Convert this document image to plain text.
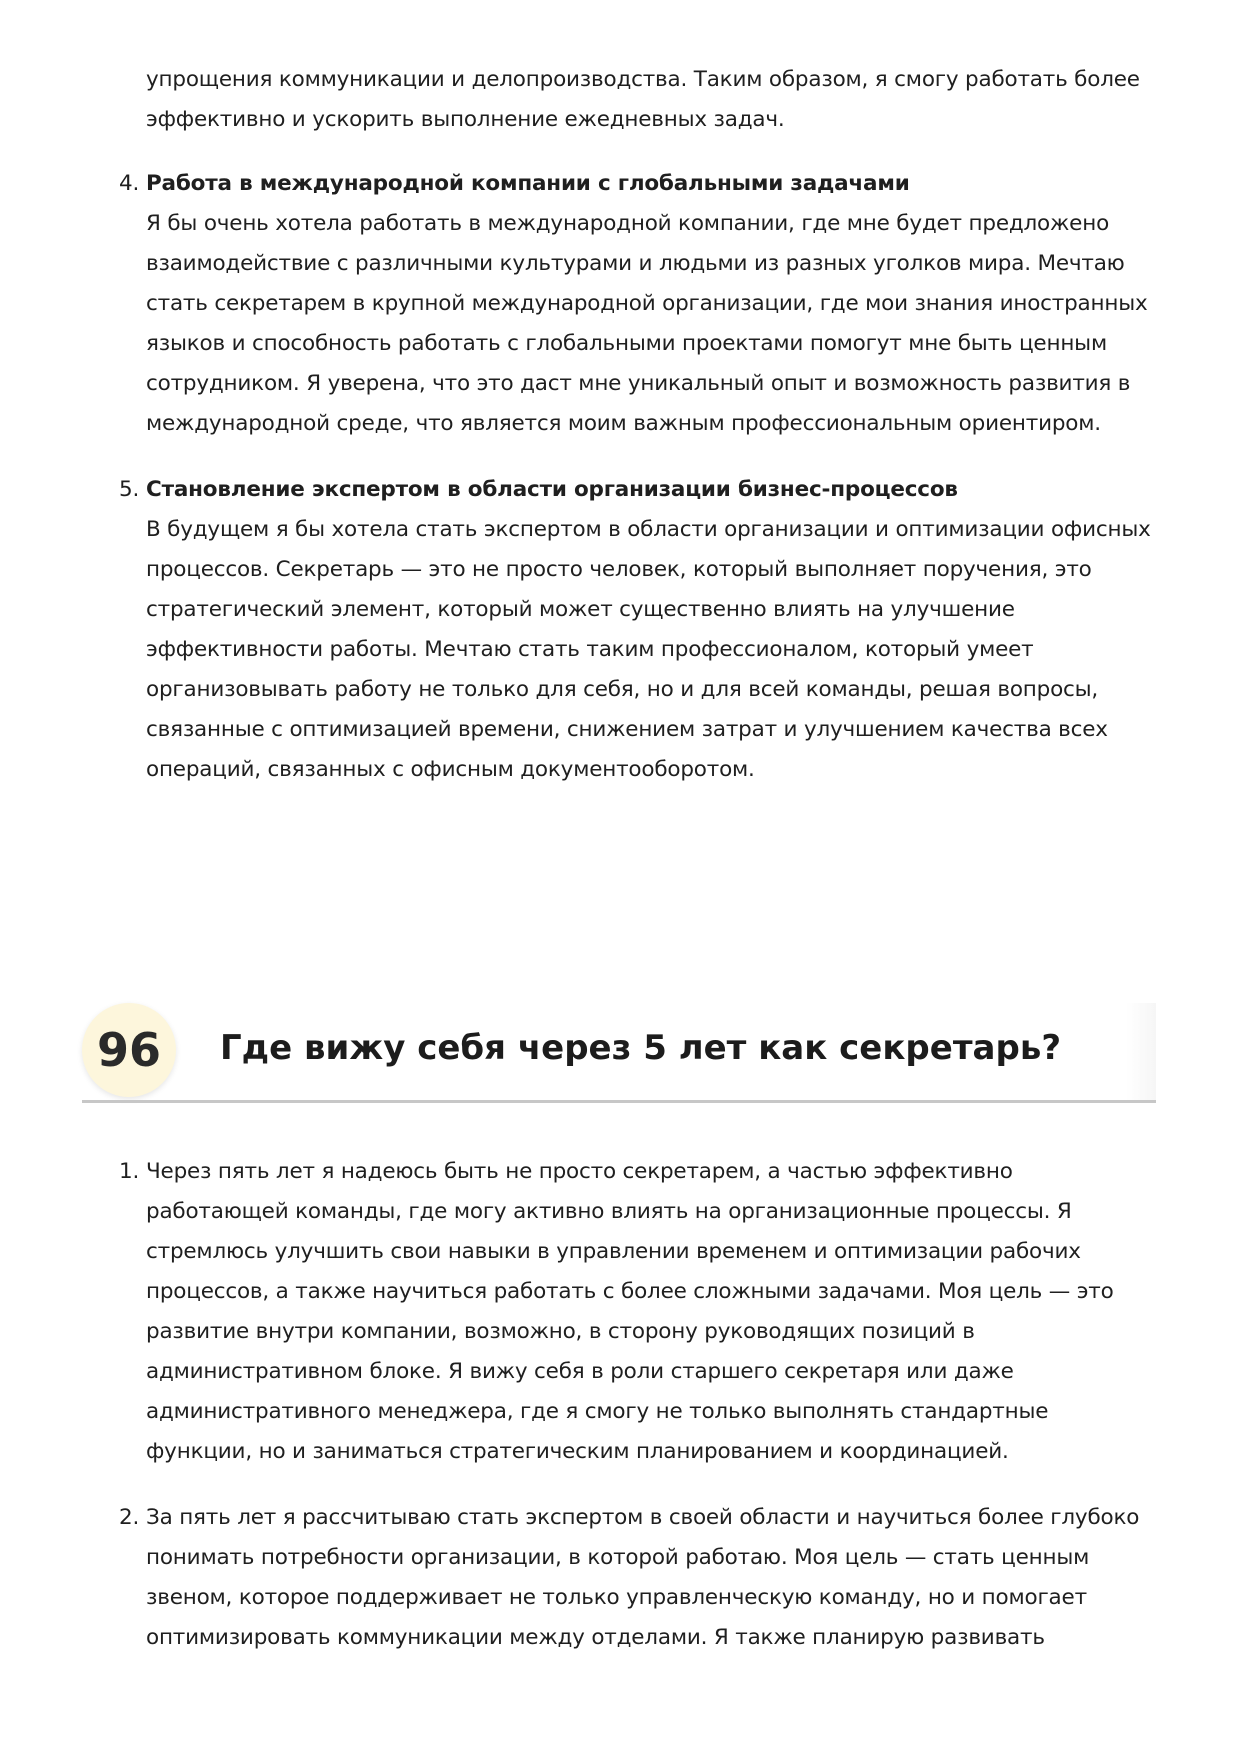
упрощения коммуникации и делопроизводства. Таким образом, я смогу работать более эффективно и ускорить выполнение ежедневных задач.
4. Работа в международной компании с глобальными задачами
Я бы очень хотела работать в международной компании, где мне будет предложено взаимодействие с различными культурами и людьми из разных уголков мира. Мечтаю стать секретарем в крупной международной организации, где мои знания иностранных языков и способность работать с глобальными проектами помогут мне быть ценным сотрудником. Я уверена, что это даст мне уникальный опыт и возможность развития в международной среде, что является моим важным профессиональным ориентиром.
5. Становление экспертом в области организации бизнес-процессов
В будущем я бы хотела стать экспертом в области организации и оптимизации офисных процессов. Секретарь — это не просто человек, который выполняет поручения, это стратегический элемент, который может существенно влиять на улучшение эффективности работы. Мечтаю стать таким профессионалом, который умеет организовывать работу не только для себя, но и для всей команды, решая вопросы, связанные с оптимизацией времени, снижением затрат и улучшением качества всех операций, связанных с офисным документооборотом.
96	Где вижу себя через 5 лет как секретарь?
1. Через пять лет я надеюсь быть не просто секретарем, а частью эффективно работающей команды, где могу активно влиять на организационные процессы. Я стремлюсь улучшить свои навыки в управлении временем и оптимизации рабочих процессов, а также научиться работать с более сложными задачами. Моя цель — это развитие внутри компании, возможно, в сторону руководящих позиций в административном блоке. Я вижу себя в роли старшего секретаря или даже административного менеджера, где я смогу не только выполнять стандартные функции, но и заниматься стратегическим планированием и координацией.
2. За пять лет я рассчитываю стать экспертом в своей области и научиться более глубоко понимать потребности организации, в которой работаю. Моя цель — стать ценным звеном, которое поддерживает не только управленческую команду, но и помогает оптимизировать коммуникации между отделами. Я также планирую развивать
